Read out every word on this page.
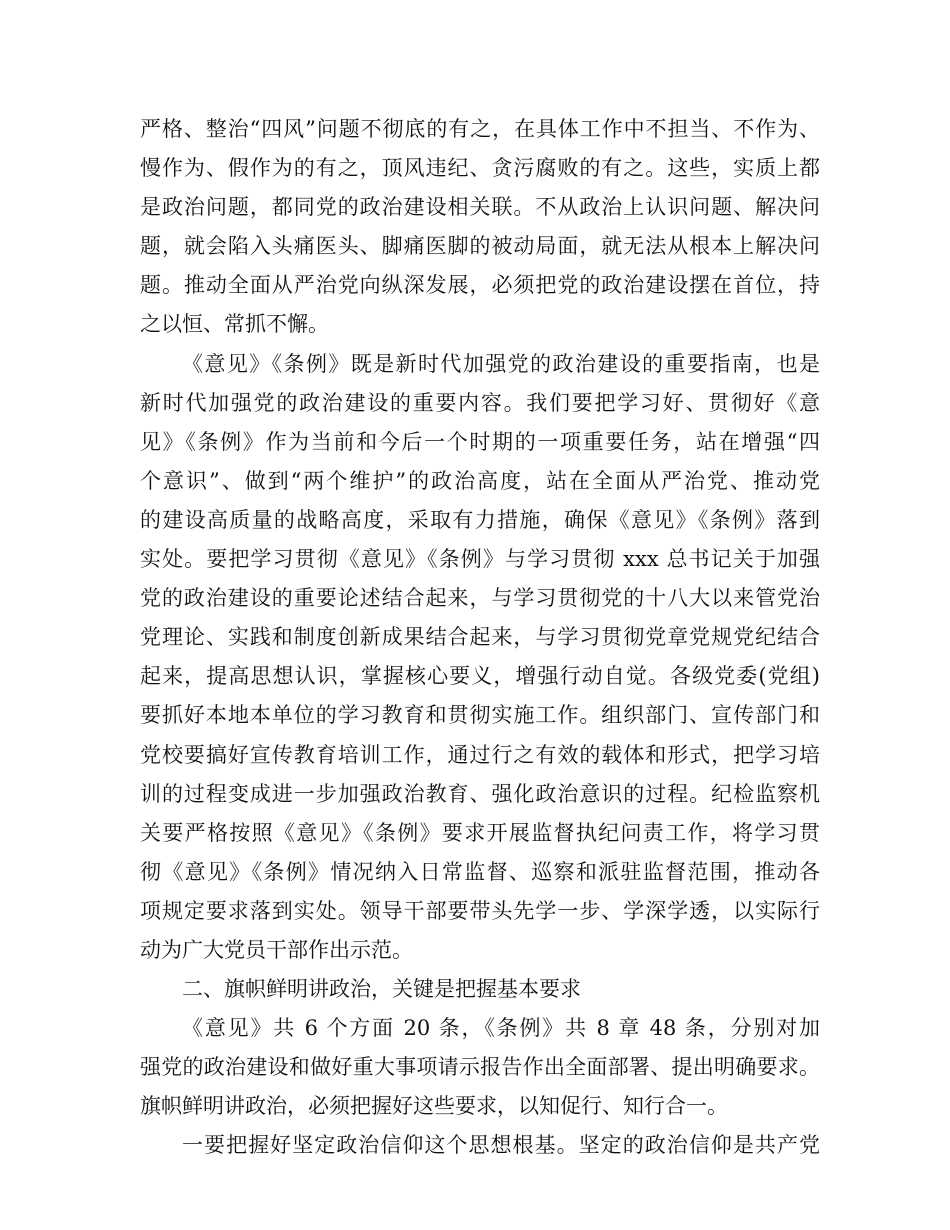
严格、整治“四风”问题不彻底的有之，在具体工作中不担当、不作为、
慢作为、假作为的有之，顶风违纪、贪污腐败的有之。这些，实质上都
是政治问题，都同党的政治建设相关联。不从政治上认识问题、解决问
题，就会陷入头痛医头、脚痛医脚的被动局面，就无法从根本上解决问
题。推动全面从严治党向纵深发展，必须把党的政治建设摆在首位，持
之以恒、常抓不懈。
《意见》《条例》既是新时代加强党的政治建设的重要指南，也是
新时代加强党的政治建设的重要内容。我们要把学习好、贯彻好《意
见》《条例》作为当前和今后一个时期的一项重要任务，站在增强“四
个意识”、做到“两个维护”的政治高度，站在全面从严治党、推动党
的建设高质量的战略高度，采取有力措施，确保《意见》《条例》落到
实处。要把学习贯彻《意见》《条例》与学习贯彻 xxx 总书记关于加强
党的政治建设的重要论述结合起来，与学习贯彻党的十八大以来管党治
党理论、实践和制度创新成果结合起来，与学习贯彻党章党规党纪结合
起来，提高思想认识，掌握核心要义，增强行动自觉。各级党委(党组)
要抓好本地本单位的学习教育和贯彻实施工作。组织部门、宣传部门和
党校要搞好宣传教育培训工作，通过行之有效的载体和形式，把学习培
训的过程变成进一步加强政治教育、强化政治意识的过程。纪检监察机
关要严格按照《意见》《条例》要求开展监督执纪问责工作，将学习贯
彻《意见》《条例》情况纳入日常监督、巡察和派驻监督范围，推动各
项规定要求落到实处。领导干部要带头先学一步、学深学透，以实际行
动为广大党员干部作出示范。
二、旗帜鲜明讲政治，关键是把握基本要求
《意见》共 6 个方面 20 条，《条例》共 8 章 48 条，分别对加
强党的政治建设和做好重大事项请示报告作出全面部署、提出明确要求。
旗帜鲜明讲政治，必须把握好这些要求，以知促行、知行合一。
一要把握好坚定政治信仰这个思想根基。坚定的政治信仰是共产党
